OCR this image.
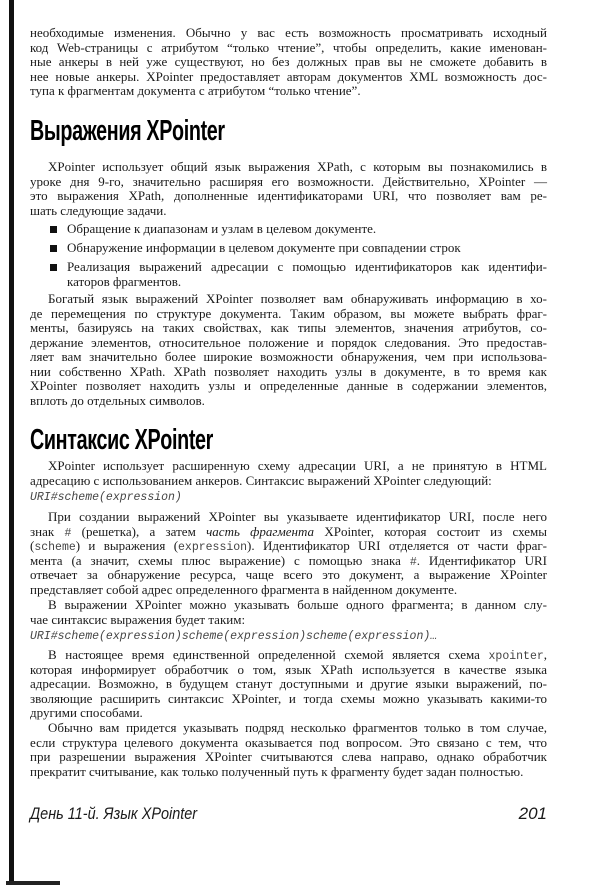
необходимые изменения. Обычно у вас есть возможность просматривать исходный
код Web-страницы с атрибутом “только чтение”, чтобы определить, какие именован-
ные анкеры в ней уже существуют, но без должных прав вы не сможете добавить в
нее новые анкеры. XPointer предоставляет авторам документов XML возможность дос-
тупа к фрагментам документа с атрибутом “только чтение”.
Выражения XPointer
XPointer использует общий язык выражения XPath, с которым вы познакомились в
уроке дня 9-го, значительно расширяя его возможности. Действительно, XPointer —
это выражения XPath, дополненные идентификаторами URI, что позволяет вам ре-
шать следующие задачи.
Обращение к диапазонам и узлам в целевом документе.
Обнаружение информации в целевом документе при совпадении строк
Реализация выражений адресации с помощью идентификаторов как идентифи-
каторов фрагментов.
Богатый язык выражений XPointer позволяет вам обнаруживать информацию в хо-
де перемещения по структуре документа. Таким образом, вы можете выбрать фраг-
менты, базируясь на таких свойствах, как типы элементов, значения атрибутов, со-
держание элементов, относительное положение и порядок следования. Это предостав-
ляет вам значительно более широкие возможности обнаружения, чем при использова-
нии собственно XPath. XPath позволяет находить узлы в документе, в то время как
XPointer позволяет находить узлы и определенные данные в содержании элементов,
вплоть до отдельных символов.
Синтаксис XPointer
XPointer использует расширенную схему адресации URI, а не принятую в HTML
адресацию с использованием анкеров. Синтаксис выражений XPointer следующий:
URI#scheme(expression)
При создании выражений XPointer вы указываете идентификатор URI, после него
знак # (решетка), а затем часть фрагмента XPointer, которая состоит из схемы
(scheme) и выражения (expression). Идентификатор URI отделяется от части фраг-
мента (а значит, схемы плюс выражение) с помощью знака #. Идентификатор URI
отвечает за обнаружение ресурса, чаще всего это документ, а выражение XPointer
представляет собой адрес определенного фрагмента в найденном документе.
В выражении XPointer можно указывать больше одного фрагмента; в данном слу-
чае синтаксис выражения будет таким:
URI#scheme(expression)scheme(expression)scheme(expression)…
В настоящее время единственной определенной схемой является схема xpointer,
которая информирует обработчик о том, язык XPath используется в качестве языка
адресации. Возможно, в будущем станут доступными и другие языки выражений, по-
зволяющие расширить синтаксис XPointer, и тогда схемы можно указывать какими-то
другими способами.
Обычно вам придется указывать подряд несколько фрагментов только в том случае,
если структура целевого документа оказывается под вопросом. Это связано с тем, что
при разрешении выражения XPointer считываются слева направо, однако обработчик
прекратит считывание, как только полученный путь к фрагменту будет задан полностью.
День 11-й. Язык XPointer	201
